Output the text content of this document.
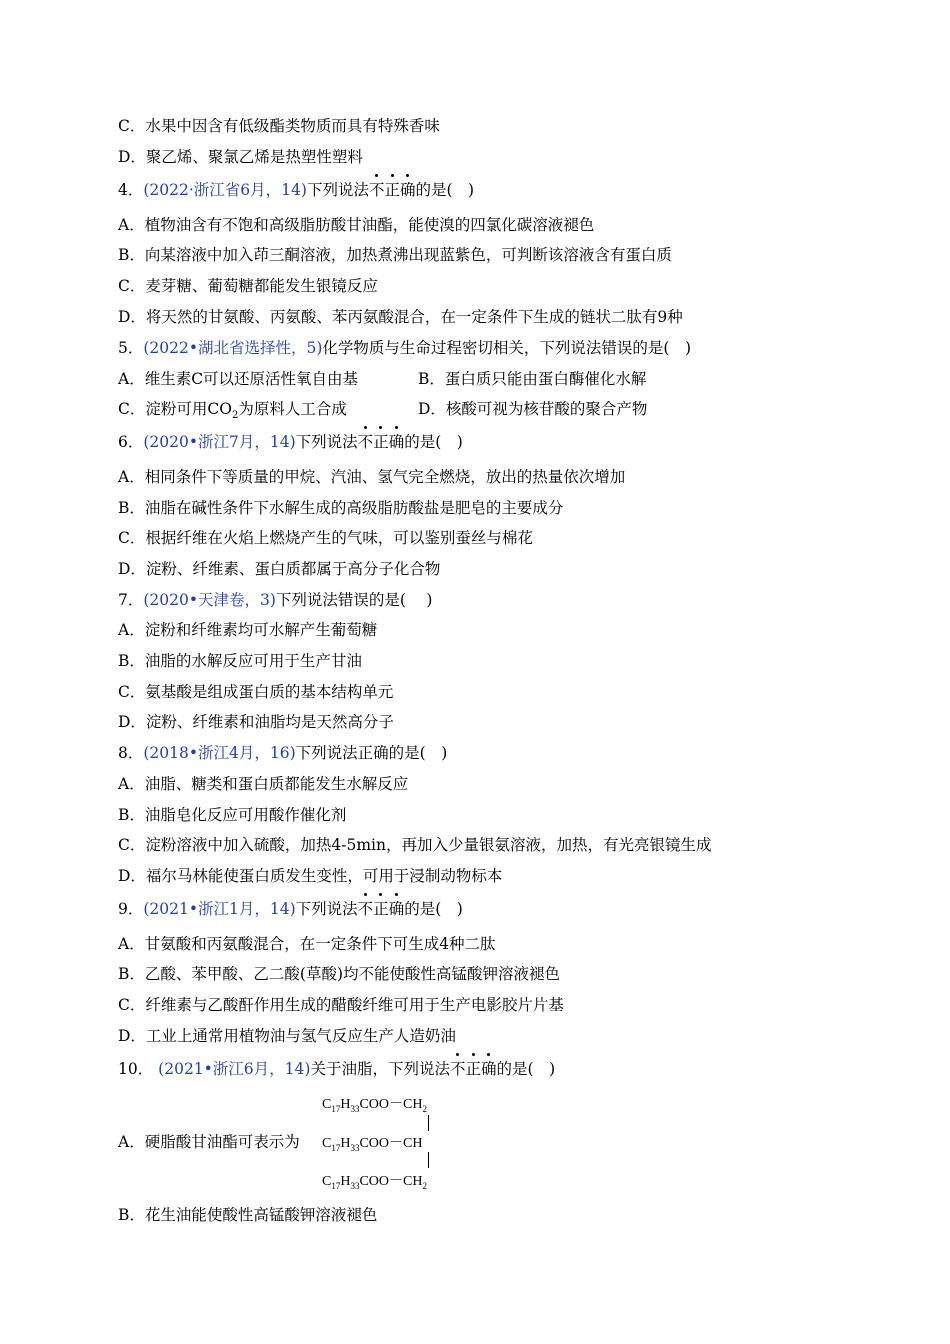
C．水果中因含有低级酯类物质而具有特殊香味
D．聚乙烯、聚氯乙烯是热塑性塑料
4．(2022·浙江省6月，14)下列说法不正确的是(　)
A．植物油含有不饱和高级脂肪酸甘油酯，能使溴的四氯化碳溶液褪色
B．向某溶液中加入茚三酮溶液，加热煮沸出现蓝紫色，可判断该溶液含有蛋白质
C．麦芽糖、葡萄糖都能发生银镜反应
D．将天然的甘氨酸、丙氨酸、苯丙氨酸混合，在一定条件下生成的链状二肽有9种
5．(2022•湖北省选择性，5)化学物质与生命过程密切相关，下列说法错误的是(　)
A．维生素C可以还原活性氧自由基	B．蛋白质只能由蛋白酶催化水解
C．淀粉可用$CO_2$为原料人工合成	D．核酸可视为核苷酸的聚合产物
6．(2020•浙江7月，14)下列说法不正确的是(　)
A．相同条件下等质量的甲烷、汽油、氢气完全燃烧，放出的热量依次增加
B．油脂在碱性条件下水解生成的高级脂肪酸盐是肥皂的主要成分
C．根据纤维在火焰上燃烧产生的气味，可以鉴别蚕丝与棉花
D．淀粉、纤维素、蛋白质都属于高分子化合物
7．(2020•天津卷，3)下列说法错误的是(　 )
A．淀粉和纤维素均可水解产生葡萄糖
B．油脂的水解反应可用于生产甘油
C．氨基酸是组成蛋白质的基本结构单元
D．淀粉、纤维素和油脂均是天然高分子
8．(2018•浙江4月，16)下列说法正确的是(　)
A．油脂、糖类和蛋白质都能发生水解反应
B．油脂皂化反应可用酸作催化剂
C．淀粉溶液中加入硫酸，加热4-5min，再加入少量银氨溶液，加热，有光亮银镜生成
D．福尔马林能使蛋白质发生变性，可用于浸制动物标本
9．(2021•浙江1月，14)下列说法不正确的是(　)
A．甘氨酸和丙氨酸混合，在一定条件下可生成4种二肽
B．乙酸、苯甲酸、乙二酸(草酸)均不能使酸性高锰酸钾溶液褪色
C．纤维素与乙酸酐作用生成的醋酸纤维可用于生产电影胶片片基
D．工业上通常用植物油与氢气反应生产人造奶油
10． (2021•浙江6月，14)关于油脂，下列说法不正确的是(　)
$C_{17}H_{33}COO-CH_2$
$C_{17}H_{33}COO-CH$
$C_{17}H_{33}COO-CH_2$
A．硬脂酸甘油酯可表示为
B．花生油能使酸性高锰酸钾溶液褪色
